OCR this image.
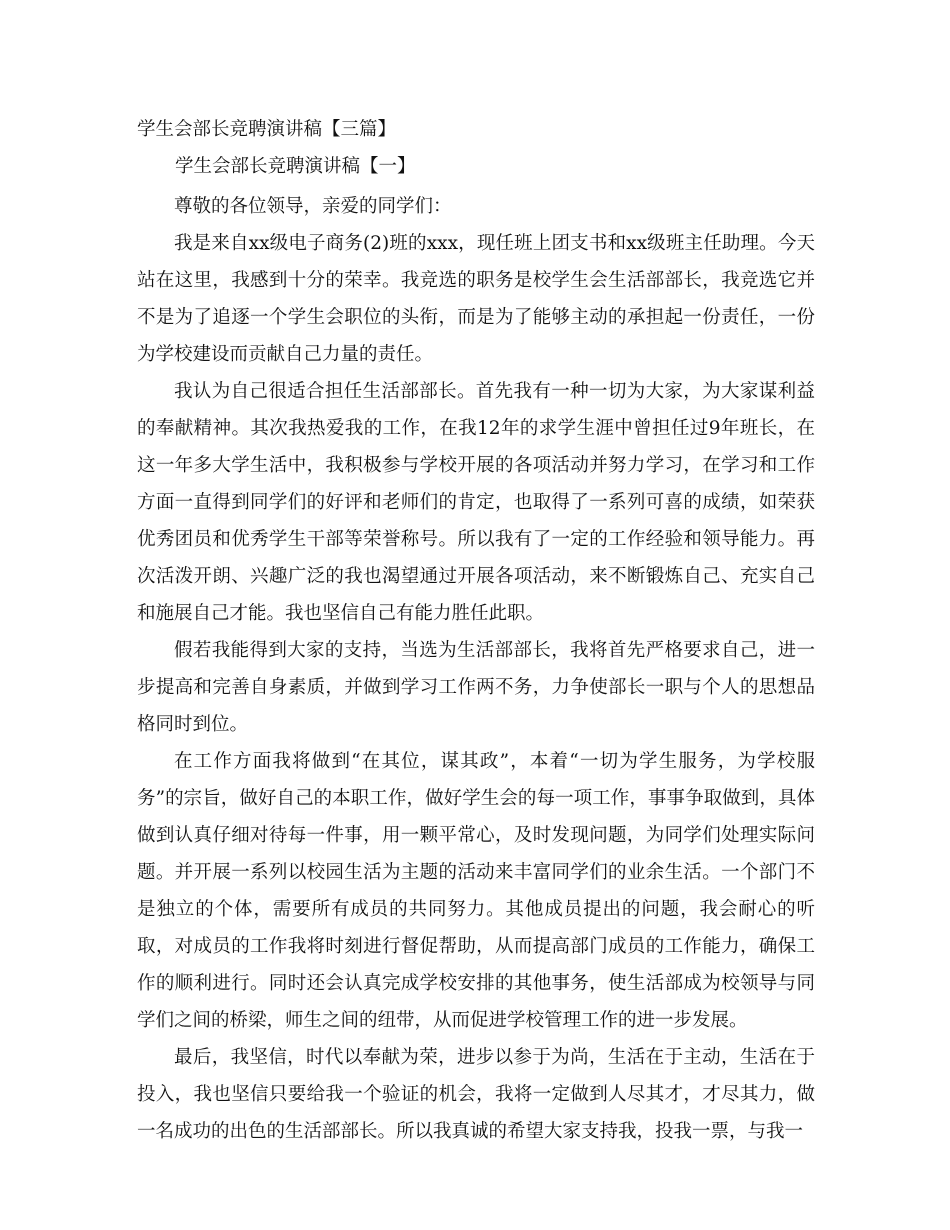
学生会部长竞聘演讲稿【三篇】
学生会部长竞聘演讲稿【一】

尊敬的各位领导，亲爱的同学们：

我是来自xx级电子商务(2)班的xxx，现任班上团支书和xx级班主任助理。今天站在这里，我感到十分的荣幸。我竞选的职务是校学生会生活部部长，我竞选它并不是为了追逐一个学生会职位的头衔，而是为了能够主动的承担起一份责任，一份为学校建设而贡献自己力量的责任。

我认为自己很适合担任生活部部长。首先我有一种一切为大家，为大家谋利益的奉献精神。其次我热爱我的工作，在我12年的求学生涯中曾担任过9年班长，在这一年多大学生活中，我积极参与学校开展的各项活动并努力学习，在学习和工作方面一直得到同学们的好评和老师们的肯定，也取得了一系列可喜的成绩，如荣获优秀团员和优秀学生干部等荣誉称号。所以我有了一定的工作经验和领导能力。再次活泼开朗、兴趣广泛的我也渴望通过开展各项活动，来不断锻炼自己、充实自己和施展自己才能。我也坚信自己有能力胜任此职。

假若我能得到大家的支持，当选为生活部部长，我将首先严格要求自己，进一步提高和完善自身素质，并做到学习工作两不务，力争使部长一职与个人的思想品格同时到位。

在工作方面我将做到“在其位，谋其政”，本着“一切为学生服务，为学校服务”的宗旨，做好自己的本职工作，做好学生会的每一项工作，事事争取做到，具体做到认真仔细对待每一件事，用一颗平常心，及时发现问题，为同学们处理实际问题。并开展一系列以校园生活为主题的活动来丰富同学们的业余生活。一个部门不是独立的个体，需要所有成员的共同努力。其他成员提出的问题，我会耐心的听取，对成员的工作我将时刻进行督促帮助，从而提高部门成员的工作能力，确保工作的顺利进行。同时还会认真完成学校安排的其他事务，使生活部成为校领导与同学们之间的桥梁，师生之间的纽带，从而促进学校管理工作的进一步发展。

最后，我坚信，时代以奉献为荣，进步以参于为尚，生活在于主动，生活在于投入，我也坚信只要给我一个验证的机会，我将一定做到人尽其才，才尽其力，做一名成功的出色的生活部部长。所以我真诚的希望大家支持我，投我一票，与我一
